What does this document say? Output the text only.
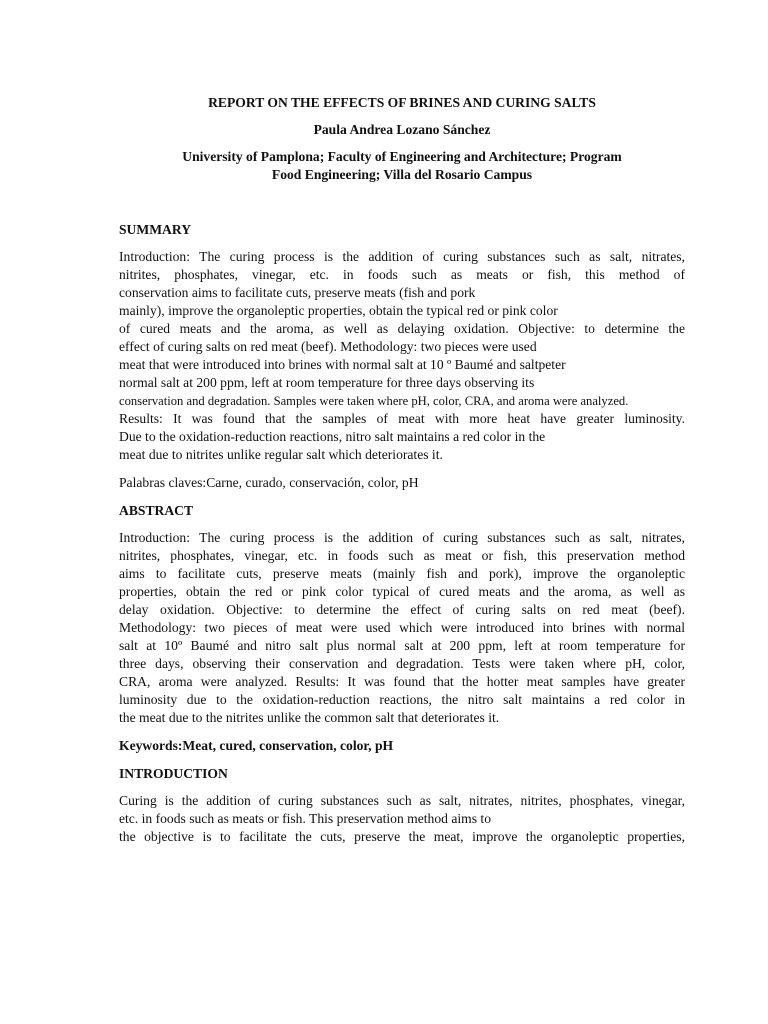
REPORT ON THE EFFECTS OF BRINES AND CURING SALTS
Paula Andrea Lozano Sánchez
University of Pamplona; Faculty of Engineering and Architecture; Program
Food Engineering; Villa del Rosario Campus
SUMMARY
Introduction: The curing process is the addition of curing substances such as salt, nitrates,
nitrites, phosphates, vinegar, etc. in foods such as meats or fish, this method of
conservation aims to facilitate cuts, preserve meats (fish and pork
mainly), improve the organoleptic properties, obtain the typical red or pink color
of cured meats and the aroma, as well as delaying oxidation. Objective: to determine the
effect of curing salts on red meat (beef). Methodology: two pieces were used
meat that were introduced into brines with normal salt at 10 º Baumé and saltpeter
normal salt at 200 ppm, left at room temperature for three days observing its
conservation and degradation. Samples were taken where pH, color, CRA, and aroma were analyzed.
Results: It was found that the samples of meat with more heat have greater luminosity.
Due to the oxidation-reduction reactions, nitro salt maintains a red color in the
meat due to nitrites unlike regular salt which deteriorates it.
Palabras claves:Carne, curado, conservación, color, pH
ABSTRACT
Introduction: The curing process is the addition of curing substances such as salt, nitrates,
nitrites, phosphates, vinegar, etc. in foods such as meat or fish, this preservation method
aims to facilitate cuts, preserve meats (mainly fish and pork), improve the organoleptic
properties, obtain the red or pink color typical of cured meats and the aroma, as well as
delay oxidation. Objective: to determine the effect of curing salts on red meat (beef).
Methodology: two pieces of meat were used which were introduced into brines with normal
salt at 10º Baumé and nitro salt plus normal salt at 200 ppm, left at room temperature for
three days, observing their conservation and degradation. Tests were taken where pH, color,
CRA, aroma were analyzed. Results: It was found that the hotter meat samples have greater
luminosity due to the oxidation-reduction reactions, the nitro salt maintains a red color in
the meat due to the nitrites unlike the common salt that deteriorates it.
Keywords:Meat, cured, conservation, color, pH
INTRODUCTION
Curing is the addition of curing substances such as salt, nitrates, nitrites, phosphates, vinegar,
etc. in foods such as meats or fish. This preservation method aims to
the objective is to facilitate the cuts, preserve the meat, improve the organoleptic properties,
